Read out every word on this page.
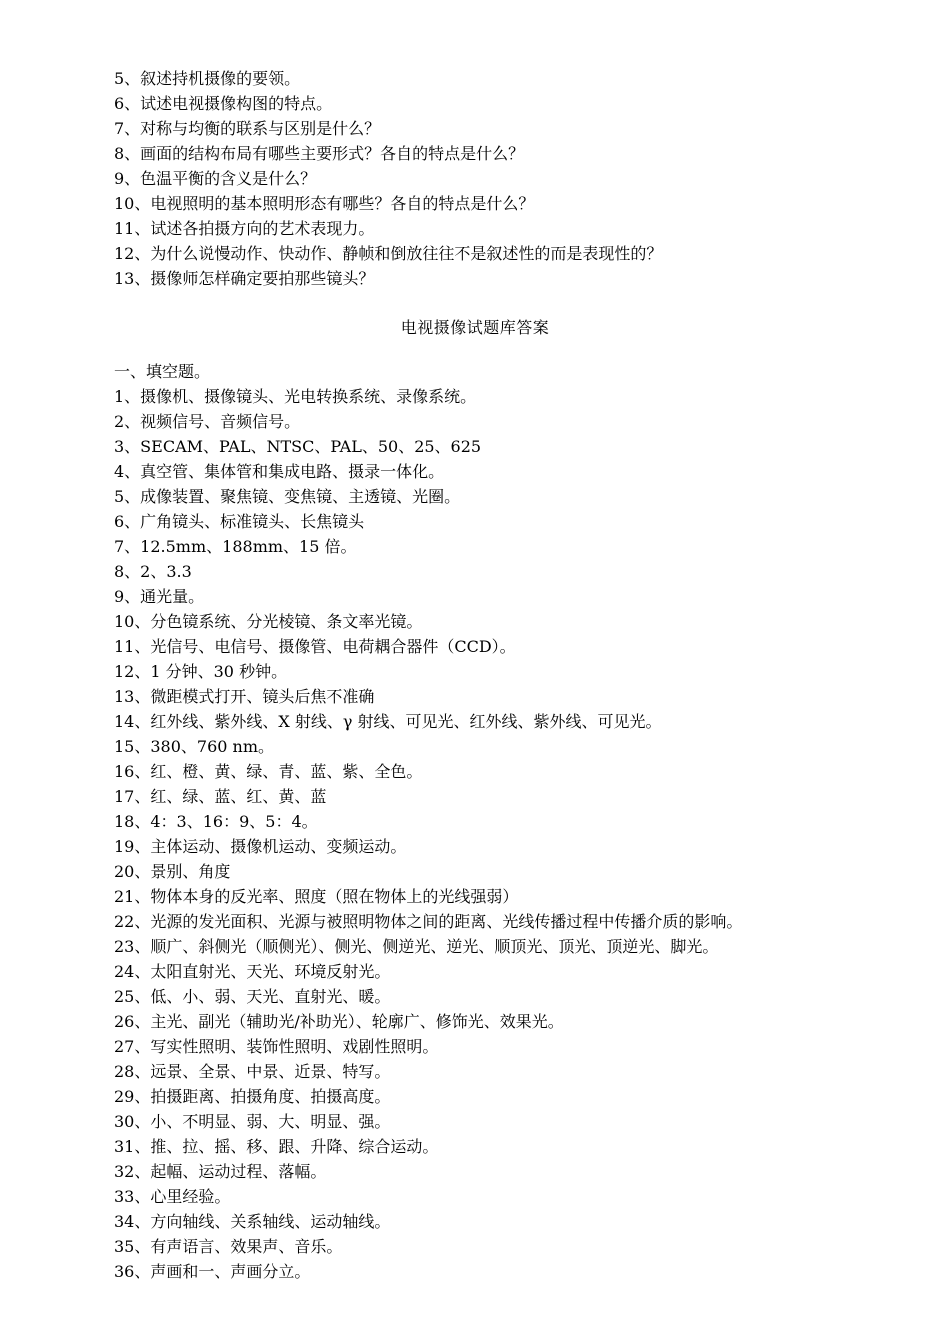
5、叙述持机摄像的要领。
6、试述电视摄像构图的特点。
7、对称与均衡的联系与区别是什么？
8、画面的结构布局有哪些主要形式？各自的特点是什么？
9、色温平衡的含义是什么？
10、电视照明的基本照明形态有哪些？各自的特点是什么？
11、试述各拍摄方向的艺术表现力。
12、为什么说慢动作、快动作、静帧和倒放往往不是叙述性的而是表现性的？
13、摄像师怎样确定要拍那些镜头？
电视摄像试题库答案
一、填空题。
1、摄像机、摄像镜头、光电转换系统、录像系统。
2、视频信号、音频信号。
3、SECAM、PAL、NTSC、PAL、50、25、625
4、真空管、集体管和集成电路、摄录一体化。
5、成像装置、聚焦镜、变焦镜、主透镜、光圈。
6、广角镜头、标准镜头、长焦镜头
7、12.5mm、188mm、15 倍。
8、2、3.3
9、通光量。
10、分色镜系统、分光棱镜、条文率光镜。
11、光信号、电信号、摄像管、电荷耦合器件（CCD）。
12、1 分钟、30 秒钟。
13、微距模式打开、镜头后焦不准确
14、红外线、紫外线、X 射线、γ 射线、可见光、红外线、紫外线、可见光。
15、380、760 nm。
16、红、橙、黄、绿、青、蓝、紫、全色。
17、红、绿、蓝、红、黄、蓝
18、4：3、16：9、5：4。
19、主体运动、摄像机运动、变频运动。
20、景别、角度
21、物体本身的反光率、照度（照在物体上的光线强弱）
22、光源的发光面积、光源与被照明物体之间的距离、光线传播过程中传播介质的影响。
23、顺广、斜侧光（顺侧光）、侧光、侧逆光、逆光、顺顶光、顶光、顶逆光、脚光。
24、太阳直射光、天光、环境反射光。
25、低、小、弱、天光、直射光、暖。
26、主光、副光（辅助光/补助光）、轮廓广、修饰光、效果光。
27、写实性照明、装饰性照明、戏剧性照明。
28、远景、全景、中景、近景、特写。
29、拍摄距离、拍摄角度、拍摄高度。
30、小、不明显、弱、大、明显、强。
31、推、拉、摇、移、跟、升降、综合运动。
32、起幅、运动过程、落幅。
33、心里经验。
34、方向轴线、关系轴线、运动轴线。
35、有声语言、效果声、音乐。
36、声画和一、声画分立。
